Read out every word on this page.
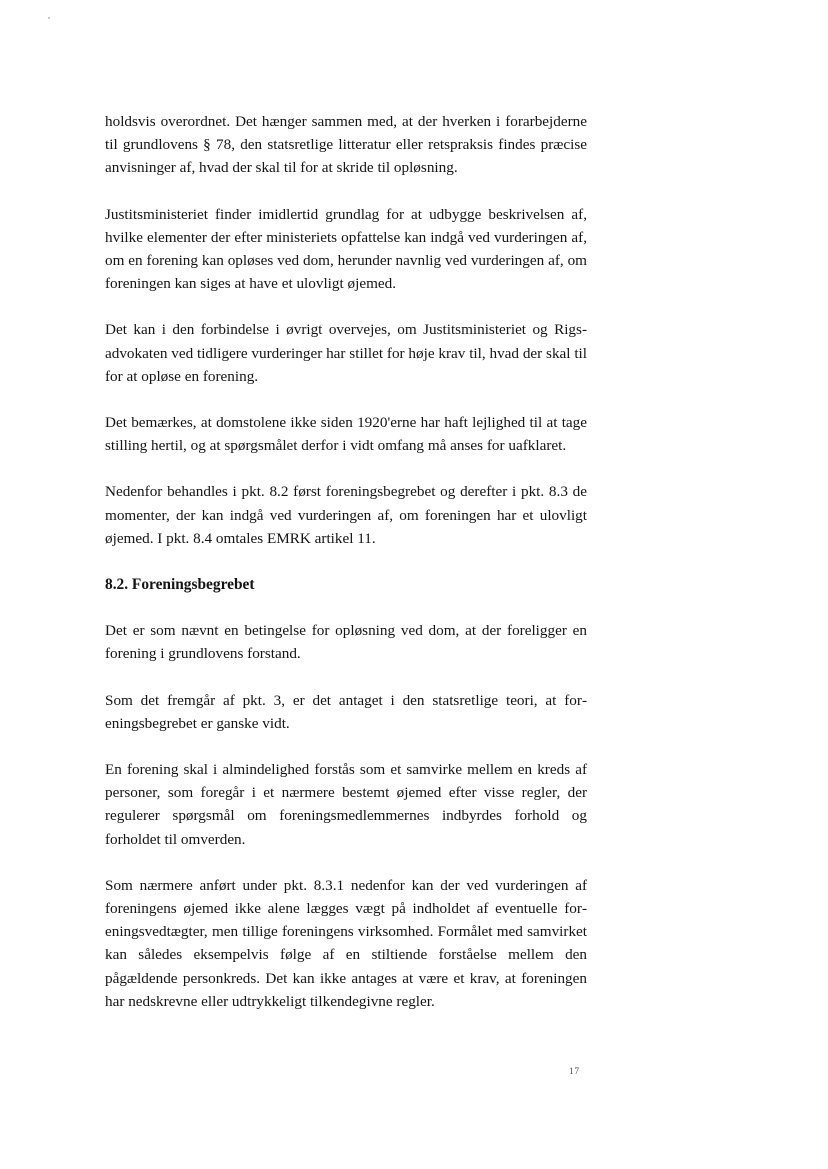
holdsvis overordnet. Det hænger sammen med, at der hverken i forarbejderne til grundlovens § 78, den statsretlige litteratur eller retspraksis findes præcise anvisninger af, hvad der skal til for at skride til opløsning.

Justitsministeriet finder imidlertid grundlag for at udbygge beskrivelsen af, hvilke elementer der efter ministeriets opfattelse kan indgå ved vurderingen af, om en forening kan opløses ved dom, herunder navnlig ved vurderingen af, om foreningen kan siges at have et ulovligt øjemed.

Det kan i den forbindelse i øvrigt overvejes, om Justitsministeriet og Rigsadvokaten ved tidligere vurderinger har stillet for høje krav til, hvad der skal til for at opløse en forening.

Det bemærkes, at domstolene ikke siden 1920'erne har haft lejlighed til at tage stilling hertil, og at spørgsmålet derfor i vidt omfang må anses for uafklaret.

Nedenfor behandles i pkt. 8.2 først foreningsbegrebet og derefter i pkt. 8.3 de momenter, der kan indgå ved vurderingen af, om foreningen har et ulovligt øjemed. I pkt. 8.4 omtales EMRK artikel 11.

8.2. Foreningsbegrebet

Det er som nævnt en betingelse for opløsning ved dom, at der foreligger en forening i grundlovens forstand.

Som det fremgår af pkt. 3, er det antaget i den statsretlige teori, at foreningsbegrebet er ganske vidt.

En forening skal i almindelighed forstås som et samvirke mellem en kreds af personer, som foregår i et nærmere bestemt øjemed efter visse regler, der regulerer spørgsmål om foreningsmedlemmernes indbyrdes forhold og forholdet til omverden.

Som nærmere anført under pkt. 8.3.1 nedenfor kan der ved vurderingen af foreningens øjemed ikke alene lægges vægt på indholdet af eventuelle foreningsvedtægter, men tillige foreningens virksomhed. Formålet med samvirket kan således eksempelvis følge af en stiltiende forståelse mellem den pågældende personkreds. Det kan ikke antages at være et krav, at foreningen har nedskrevne eller udtrykkeligt tilkendegivne regler.

17
